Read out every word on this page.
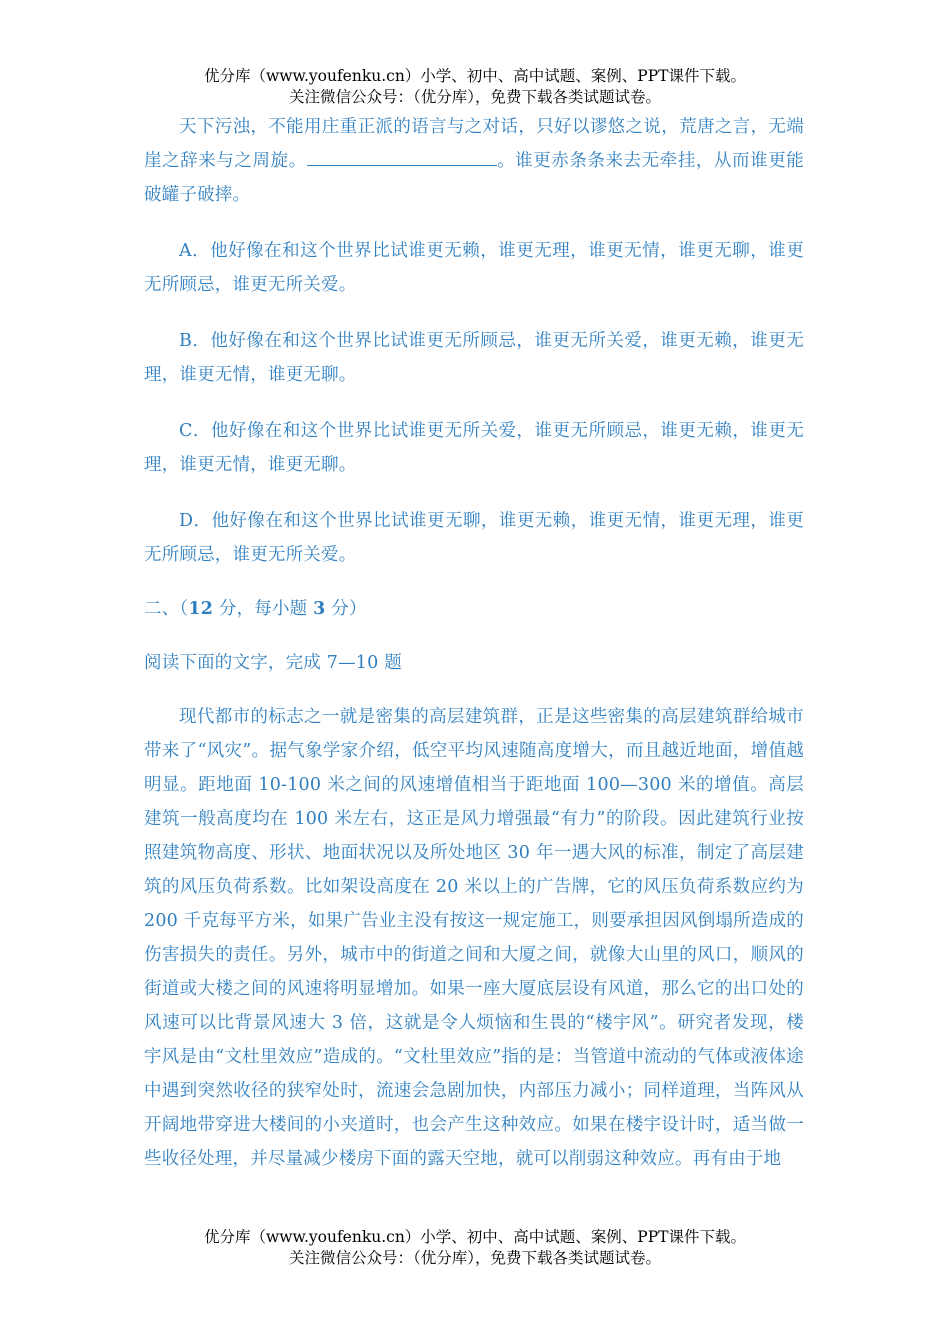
优分库（www.youfenku.cn）小学、初中、高中试题、案例、PPT课件下载。
关注微信公众号：（优分库），免费下载各类试题试卷。

天下污浊，不能用庄重正派的语言与之对话，只好以谬悠之说，荒唐之言，无端崖之辞来与之周旋。	。谁更赤条条来去无牵挂，从而谁更能破罐子破摔。

A．他好像在和这个世界比试谁更无赖，谁更无理，谁更无情，谁更无聊，谁更无所顾忌，谁更无所关爱。

B．他好像在和这个世界比试谁更无所顾忌，谁更无所关爱，谁更无赖，谁更无理，谁更无情，谁更无聊。

C．他好像在和这个世界比试谁更无所关爱，谁更无所顾忌，谁更无赖，谁更无理，谁更无情，谁更无聊。

D．他好像在和这个世界比试谁更无聊，谁更无赖，谁更无情，谁更无理，谁更无所顾忌，谁更无所关爱。

二、（12 分，每小题 3 分）

阅读下面的文字，完成 7—10 题

现代都市的标志之一就是密集的高层建筑群，正是这些密集的高层建筑群给城市带来了“风灾”。据气象学家介绍，低空平均风速随高度增大，而且越近地面，增值越明显。距地面 10-100 米之间的风速增值相当于距地面 100—300 米的增值。高层建筑一般高度均在 100 米左右，这正是风力增强最“有力”的阶段。因此建筑行业按照建筑物高度、形状、地面状况以及所处地区 30 年一遇大风的标准，制定了高层建筑的风压负荷系数。比如架设高度在 20 米以上的广告牌，它的风压负荷系数应约为 200 千克每平方米，如果广告业主没有按这一规定施工，则要承担因风倒塌所造成的伤害损失的责任。另外，城市中的街道之间和大厦之间，就像大山里的风口，顺风的街道或大楼之间的风速将明显增加。如果一座大厦底层设有风道，那么它的出口处的风速可以比背景风速大 3 倍，这就是令人烦恼和生畏的“楼宇风”。研究者发现，楼宇风是由“文杜里效应”造成的。“文杜里效应”指的是：当管道中流动的气体或液体途中遇到突然收径的狭窄处时，流速会急剧加快，内部压力减小；同样道理，当阵风从开阔地带穿进大楼间的小夹道时，也会产生这种效应。如果在楼宇设计时，适当做一些收径处理，并尽量减少楼房下面的露天空地，就可以削弱这种效应。再有由于地

优分库（www.youfenku.cn）小学、初中、高中试题、案例、PPT课件下载。
关注微信公众号：（优分库），免费下载各类试题试卷。
